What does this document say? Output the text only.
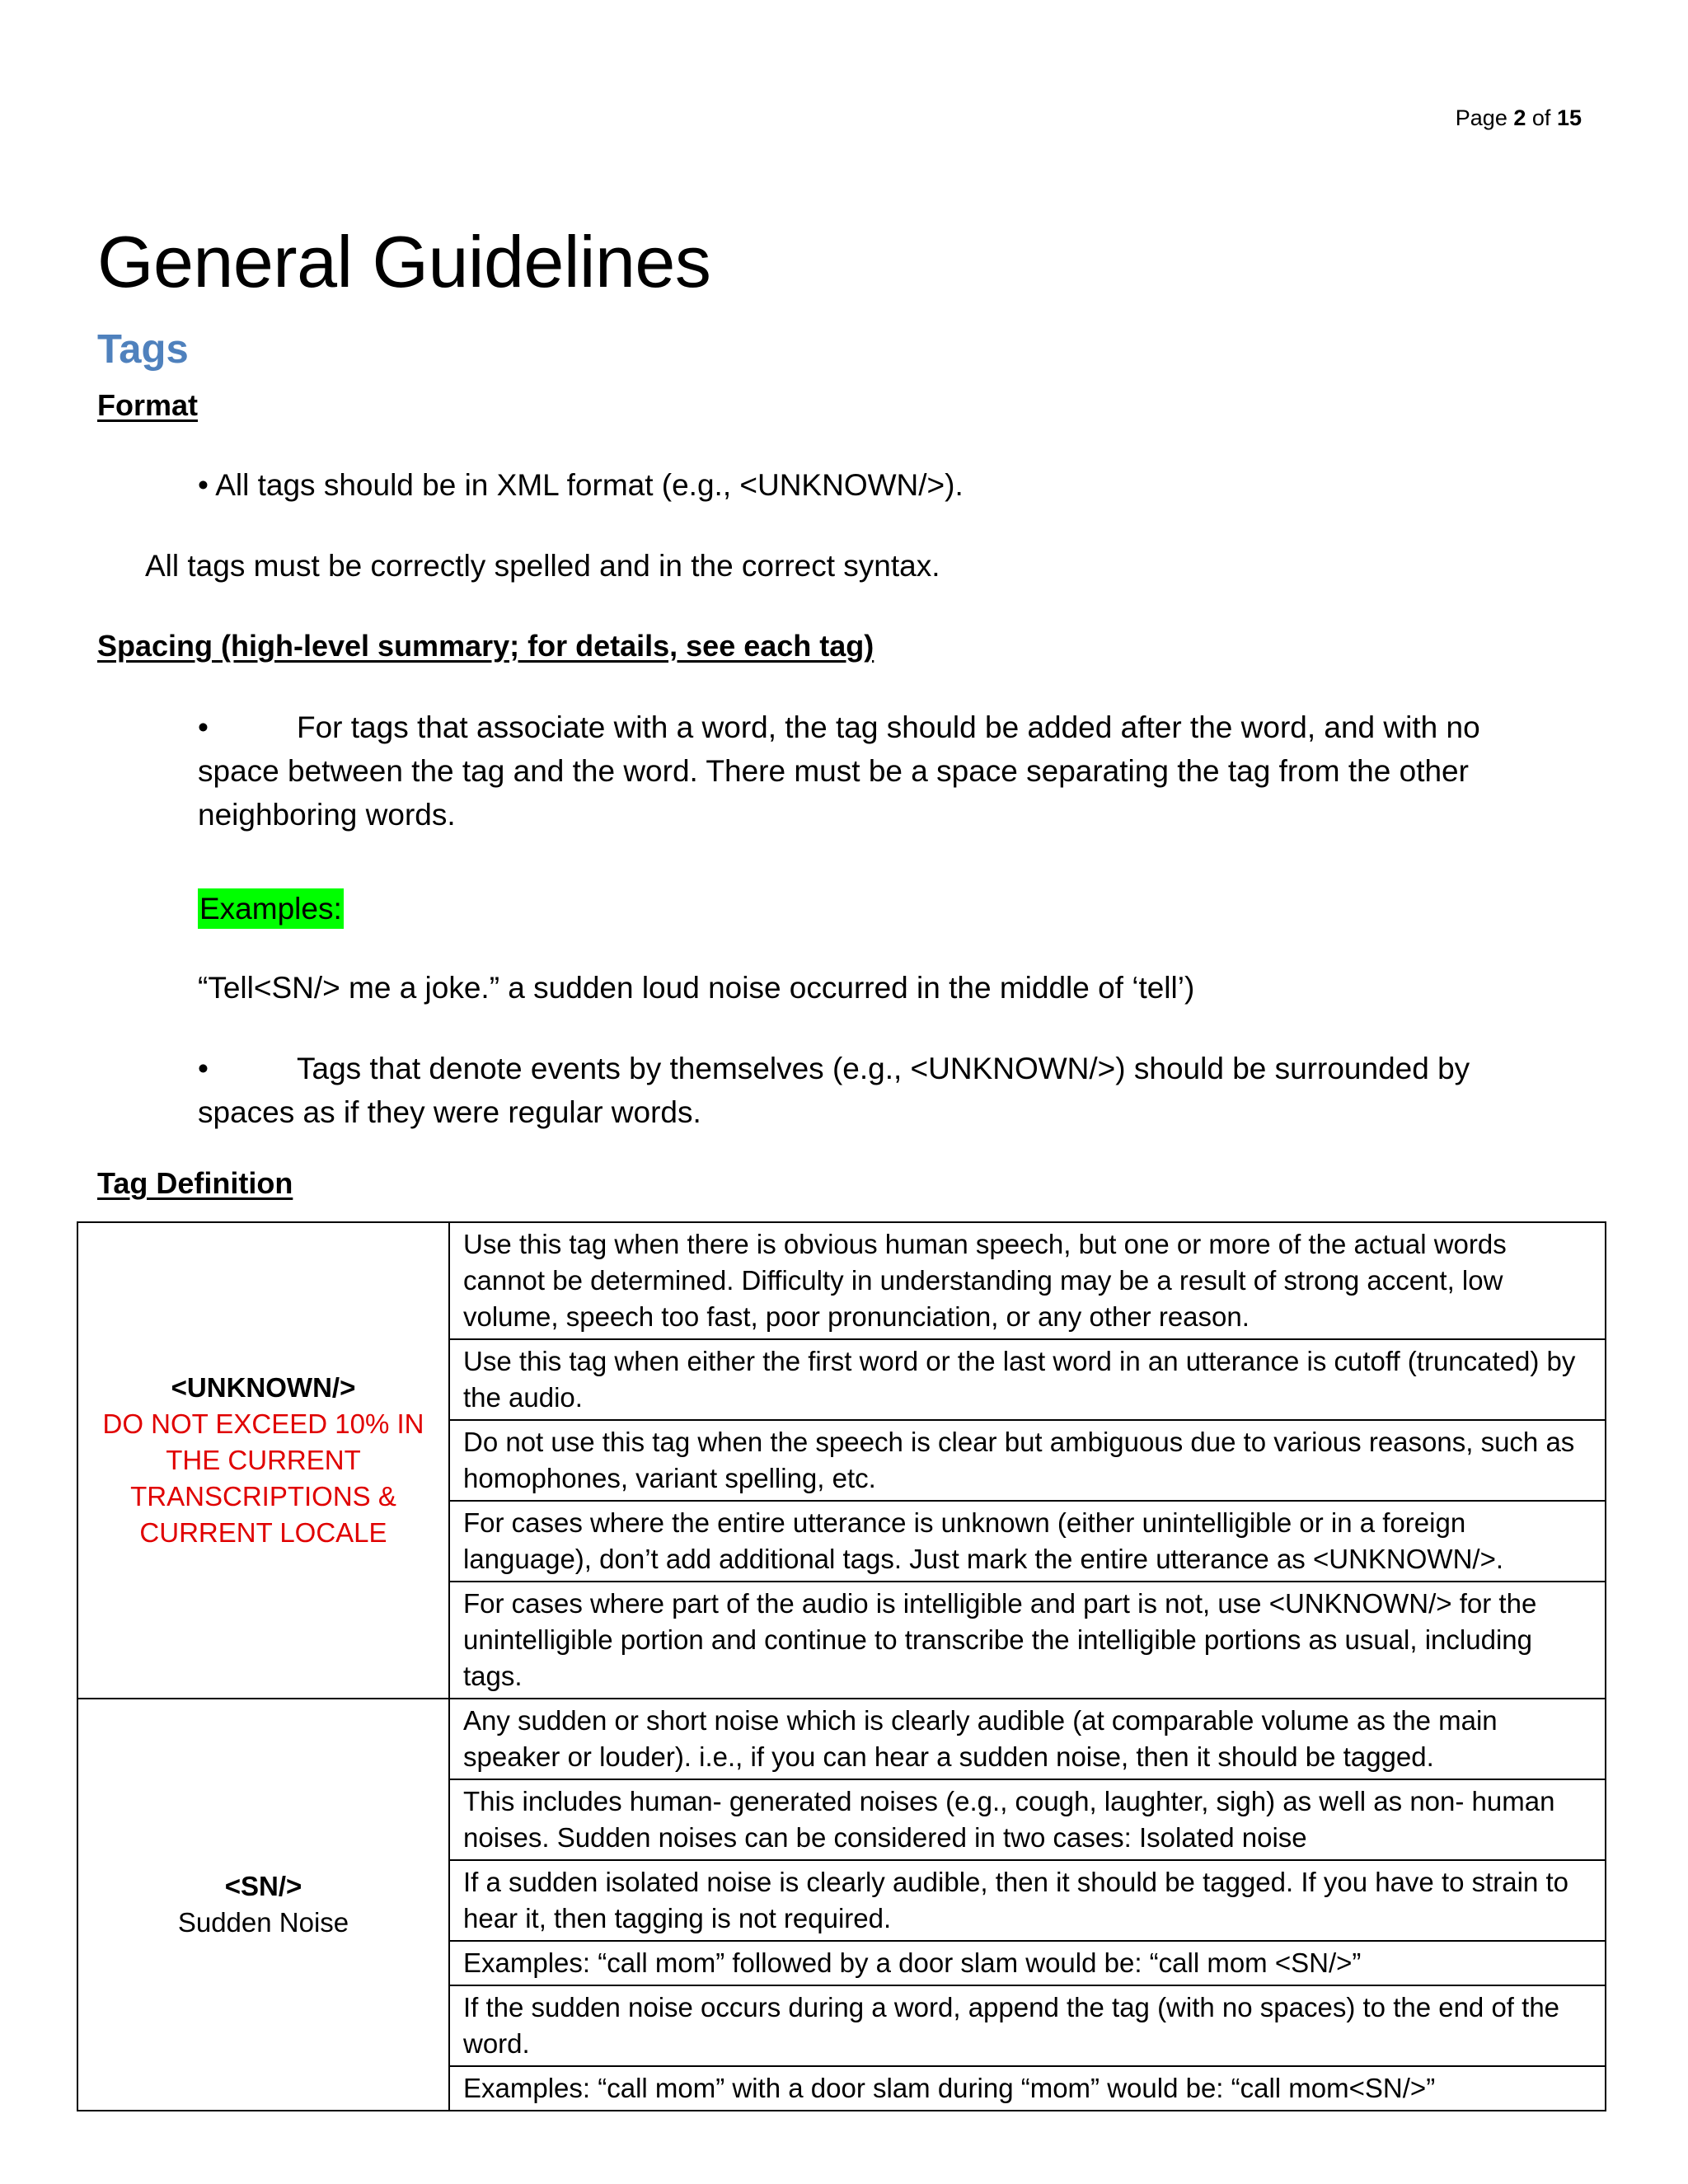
Page 2 of 15
General Guidelines
Tags
Format

• All tags should be in XML format (e.g., <UNKNOWN/>).

All tags must be correctly spelled and in the correct syntax.

Spacing (high-level summary; for details, see each tag)
•	For tags that associate with a word, the tag should be added after the word, and with no space between the tag and the word. There must be a space separating the tag from the other neighboring words.

Examples:

“Tell<SN/> me a joke.” a sudden loud noise occurred in the middle of ‘tell’)

•	Tags that denote events by themselves (e.g., <UNKNOWN/>) should be surrounded by spaces as if they were regular words.
Tag Definition
<UNKNOWN/>
DO NOT EXCEED 10% IN THE CURRENT TRANSCRIPTIONS & CURRENT LOCALE	Use this tag when there is obvious human speech, but one or more of the actual words cannot be determined. Difficulty in understanding may be a result of strong accent, low volume, speech too fast, poor pronunciation, or any other reason.
	Use this tag when either the first word or the last word in an utterance is cutoff (truncated) by the audio.
	Do not use this tag when the speech is clear but ambiguous due to various reasons, such as homophones, variant spelling, etc.
	For cases where the entire utterance is unknown (either unintelligible or in a foreign language), don’t add additional tags. Just mark the entire utterance as <UNKNOWN/>.
	For cases where part of the audio is intelligible and part is not, use <UNKNOWN/> for the unintelligible portion and continue to transcribe the intelligible portions as usual, including tags.

<SN/>
Sudden Noise	Any sudden or short noise which is clearly audible (at comparable volume as the main speaker or louder). i.e., if you can hear a sudden noise, then it should be tagged.
	This includes human- generated noises (e.g., cough, laughter, sigh) as well as non- human noises. Sudden noises can be considered in two cases: Isolated noise
	If a sudden isolated noise is clearly audible, then it should be tagged. If you have to strain to hear it, then tagging is not required.
	Examples: “call mom” followed by a door slam would be: “call mom <SN/>”
	If the sudden noise occurs during a word, append the tag (with no spaces) to the end of the word.
	Examples: “call mom” with a door slam during “mom” would be: “call mom<SN/>”
